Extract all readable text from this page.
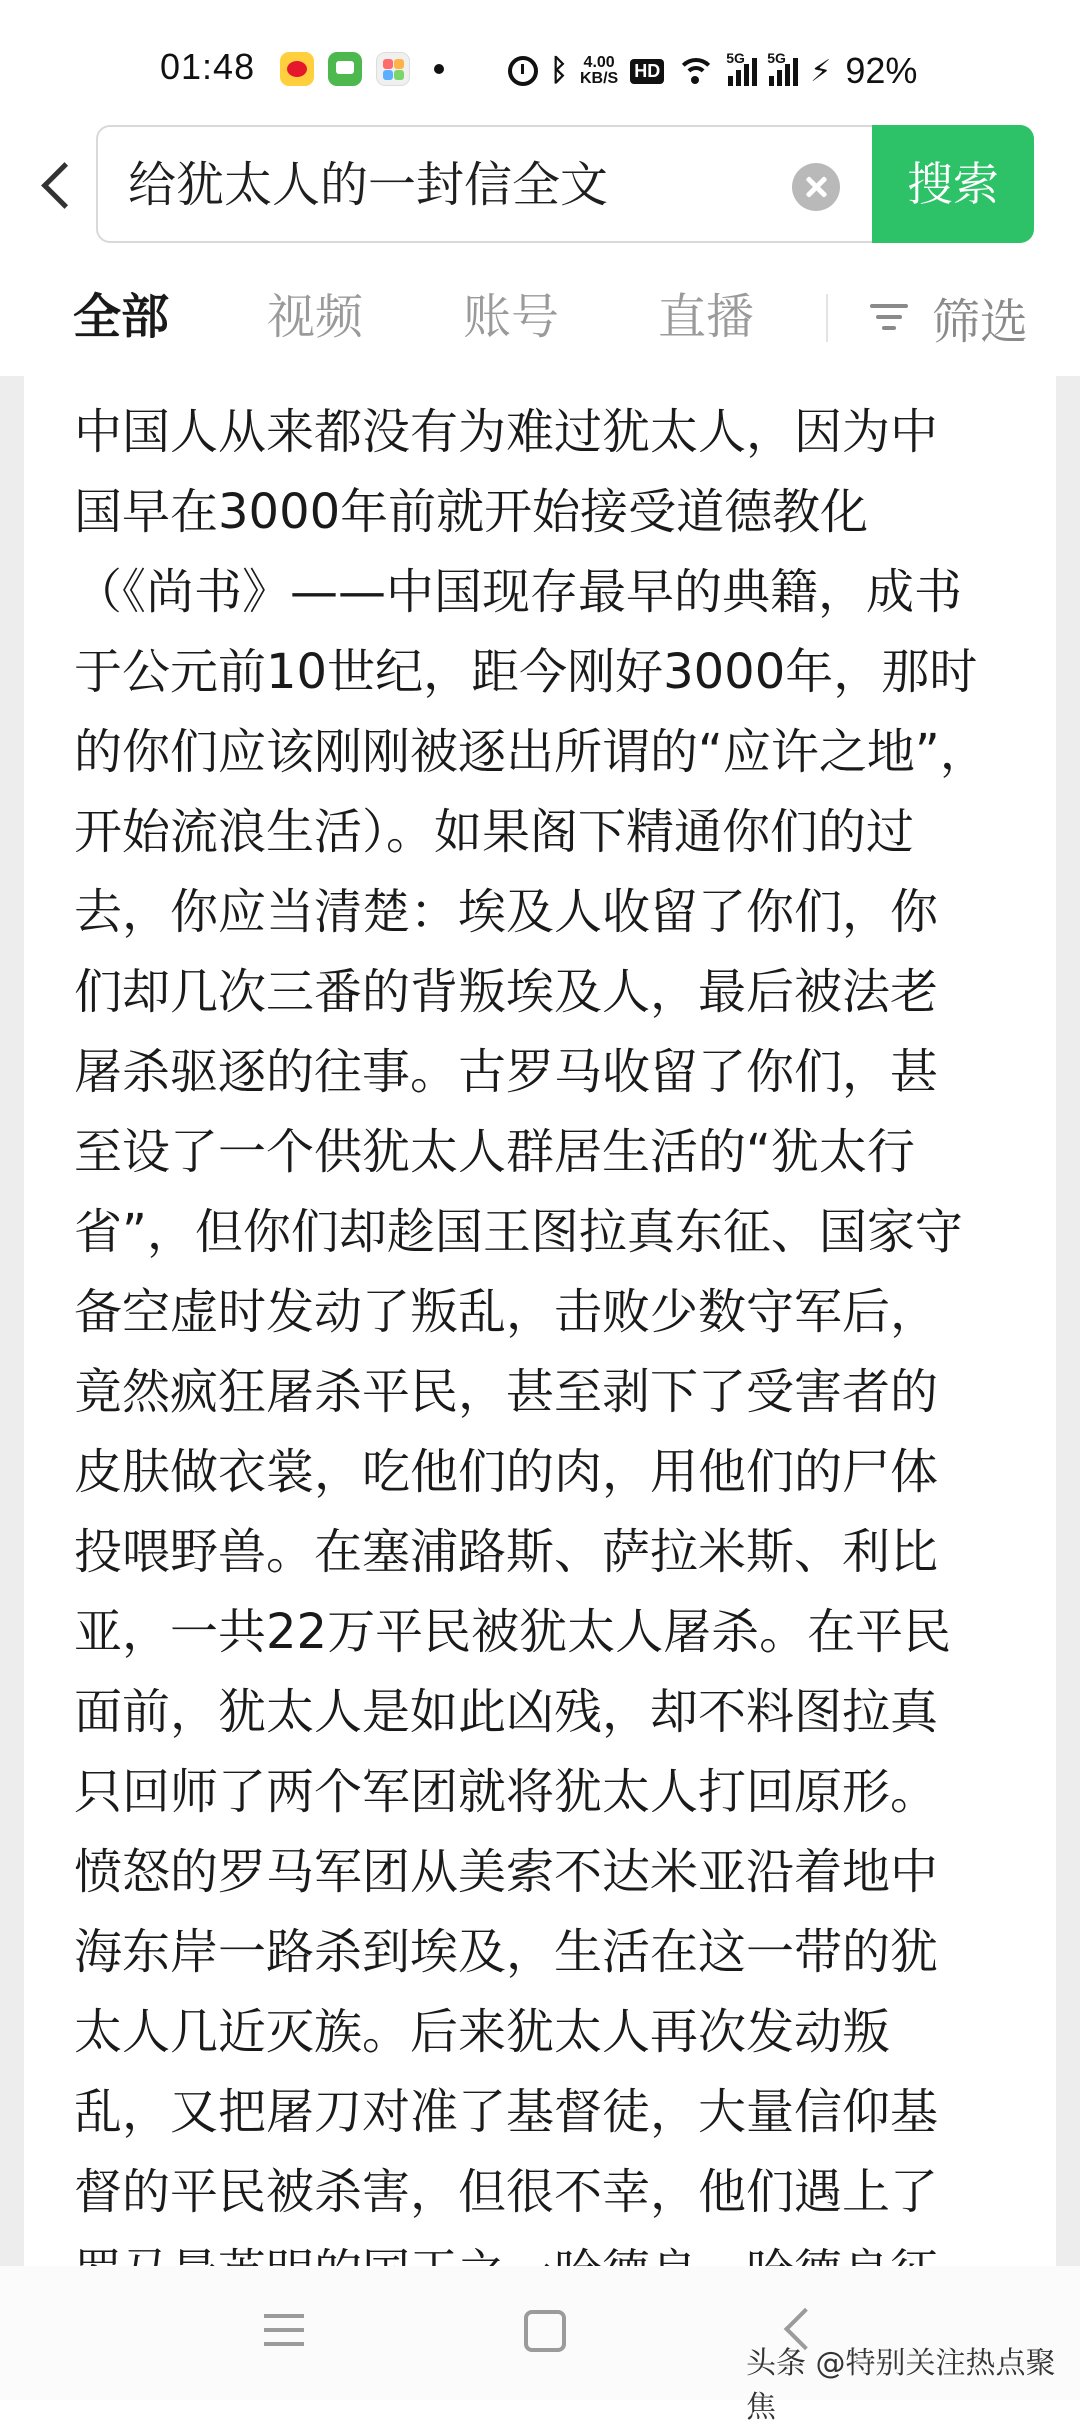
01:48	ᛒ 4.00
KB/S HD
5G 5G ⚡ 92%
给犹太人的一封信全文	搜索
全部 视频 账号 直播	筛选
中国人从来都没有为难过犹太人，因为中
国早在3000年前就开始接受道德教化
（《尚书》——中国现存最早的典籍，成书
于公元前10世纪，距今刚好3000年，那时
的你们应该刚刚被逐出所谓的“应许之地”，
开始流浪生活）。如果阁下精通你们的过
去，你应当清楚：埃及人收留了你们，你
们却几次三番的背叛埃及人，最后被法老
屠杀驱逐的往事。古罗马收留了你们，甚
至设了一个供犹太人群居生活的“犹太行
省”，但你们却趁国王图拉真东征、国家守
备空虚时发动了叛乱，击败少数守军后，
竟然疯狂屠杀平民，甚至剥下了受害者的
皮肤做衣裳，吃他们的肉，用他们的尸体
投喂野兽。在塞浦路斯、萨拉米斯、利比
亚，一共22万平民被犹太人屠杀。在平民
面前，犹太人是如此凶残，却不料图拉真
只回师了两个军团就将犹太人打回原形。
愤怒的罗马军团从美索不达米亚沿着地中
海东岸一路杀到埃及，生活在这一带的犹
太人几近灭族。后来犹太人再次发动叛
乱，又把屠刀对准了基督徒，大量信仰基
督的平民被杀害，但很不幸，他们遇上了
头条 @特别关注热点聚焦
